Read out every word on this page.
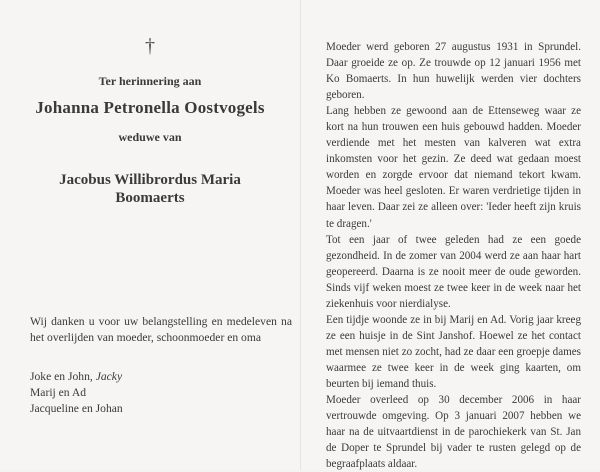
†
Ter herinnering aan
Johanna Petronella Oostvogels
weduwe van
Jacobus Willibrordus Maria
Boomaerts
Wij danken u voor uw belangstelling en medeleven na het overlijden van moeder, schoonmoeder en oma
Joke en John, Jacky
Marij en Ad
Jacqueline en Johan

Moeder werd geboren 27 augustus 1931 in Sprundel. Daar groeide ze op. Ze trouwde op 12 januari 1956 met Ko Bomaerts. In hun huwelijk werden vier dochters geboren.

Lang hebben ze gewoond aan de Ettenseweg waar ze kort na hun trouwen een huis gebouwd hadden. Moeder verdiende met het mesten van kalveren wat extra inkomsten voor het gezin. Ze deed wat gedaan moest worden en zorgde ervoor dat niemand tekort kwam. Moeder was heel gesloten. Er waren verdrietige tijden in haar leven. Daar zei ze alleen over: 'Ieder heeft zijn kruis te dragen.'

Tot een jaar of twee geleden had ze een goede gezondheid. In de zomer van 2004 werd ze aan haar hart geopereerd. Daarna is ze nooit meer de oude geworden. Sinds vijf weken moest ze twee keer in de week naar het ziekenhuis voor nierdialyse.

Een tijdje woonde ze in bij Marij en Ad. Vorig jaar kreeg ze een huisje in de Sint Janshof. Hoewel ze het contact met mensen niet zo zocht, had ze daar een groepje dames waarmee ze twee keer in de week ging kaarten, om beurten bij iemand thuis.

Moeder overleed op 30 december 2006 in haar vertrouwde omgeving. Op 3 januari 2007 hebben we haar na de uitvaartdienst in de parochiekerk van St. Jan de Doper te Sprundel bij vader te rusten gelegd op de begraafplaats aldaar.
